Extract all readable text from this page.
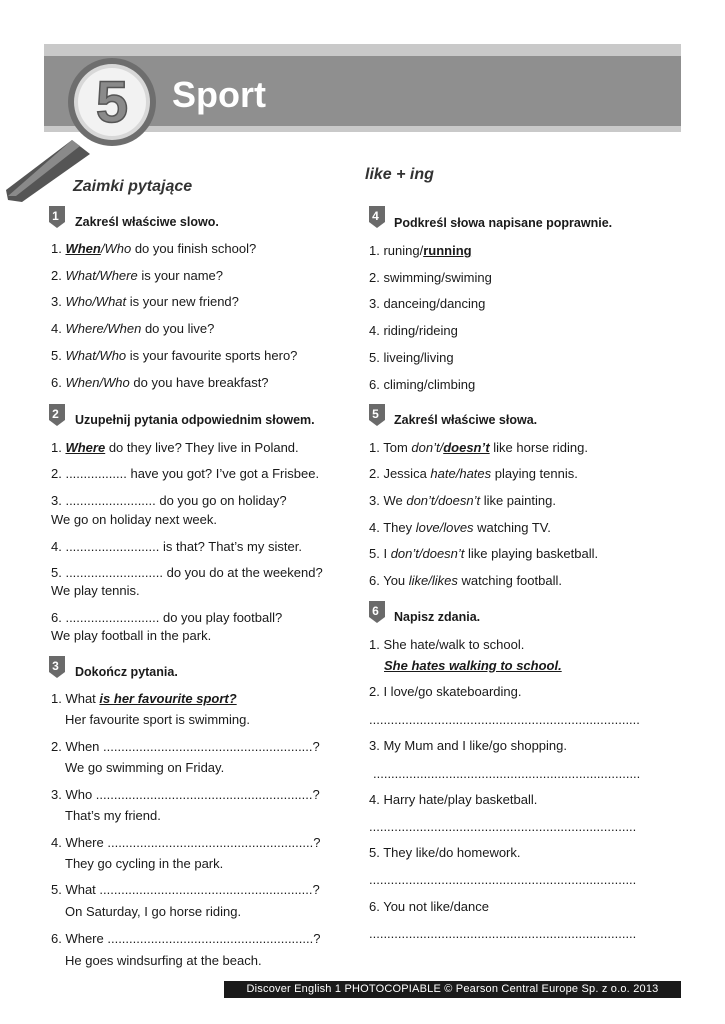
Sport
5
Zaimki pytające
1	Zakreśl właściwe slowo.
1. When/Who do you finish school?
2. What/Where is your name?
3. Who/What is your new friend?
4. Where/When do you live?
5. What/Who is your favourite sports hero?
6. When/Who do you have breakfast?
2	Uzupełnij pytania odpowiednim słowem.
1. Where do they live? They live in Poland.
2. ................. have you got? I’ve got a Frisbee.
3. ......................... do you go on holiday?
We go on holiday next week.
4. .......................... is that? That’s my sister.
5. ........................... do you do at the weekend?
We play tennis.
6. .......................... do you play football?
We play football in the park.
3	Dokończ pytania.
1. What is her favourite sport?
Her favourite sport is swimming.
2. When ..........................................................?
We go swimming on Friday.
3. Who ............................................................?
That’s my friend.
4. Where .........................................................?
They go cycling in the park.
5. What ...........................................................?
On Saturday, I go horse riding.
6. Where .........................................................?
He goes windsurfing at the beach.
like + ing
4	Podkreśl słowa napisane poprawnie.
1. runing/running
2. swimming/swiming
3. danceing/dancing
4. riding/rideing
5. liveing/living
6. climing/climbing
5	Zakreśl właściwe słowa.
1. Tom don’t/doesn’t like horse riding.
2. Jessica hate/hates playing tennis.
3. We don’t/doesn’t like painting.
4. They love/loves watching TV.
5. I don’t/doesn’t like playing basketball.
6. You like/likes watching football.
6	Napisz zdania.
1. She hate/walk to school.
She hates walking to school.
2. I love/go skateboarding.
...........................................................................
3. My Mum and I like/go shopping.
..........................................................................
4. Harry hate/play basketball.
..........................................................................
5. They like/do homework.
..........................................................................
6. You not like/dance
..........................................................................
Discover English 1 PHOTOCOPIABLE © Pearson Central Europe Sp. z o.o. 2013
